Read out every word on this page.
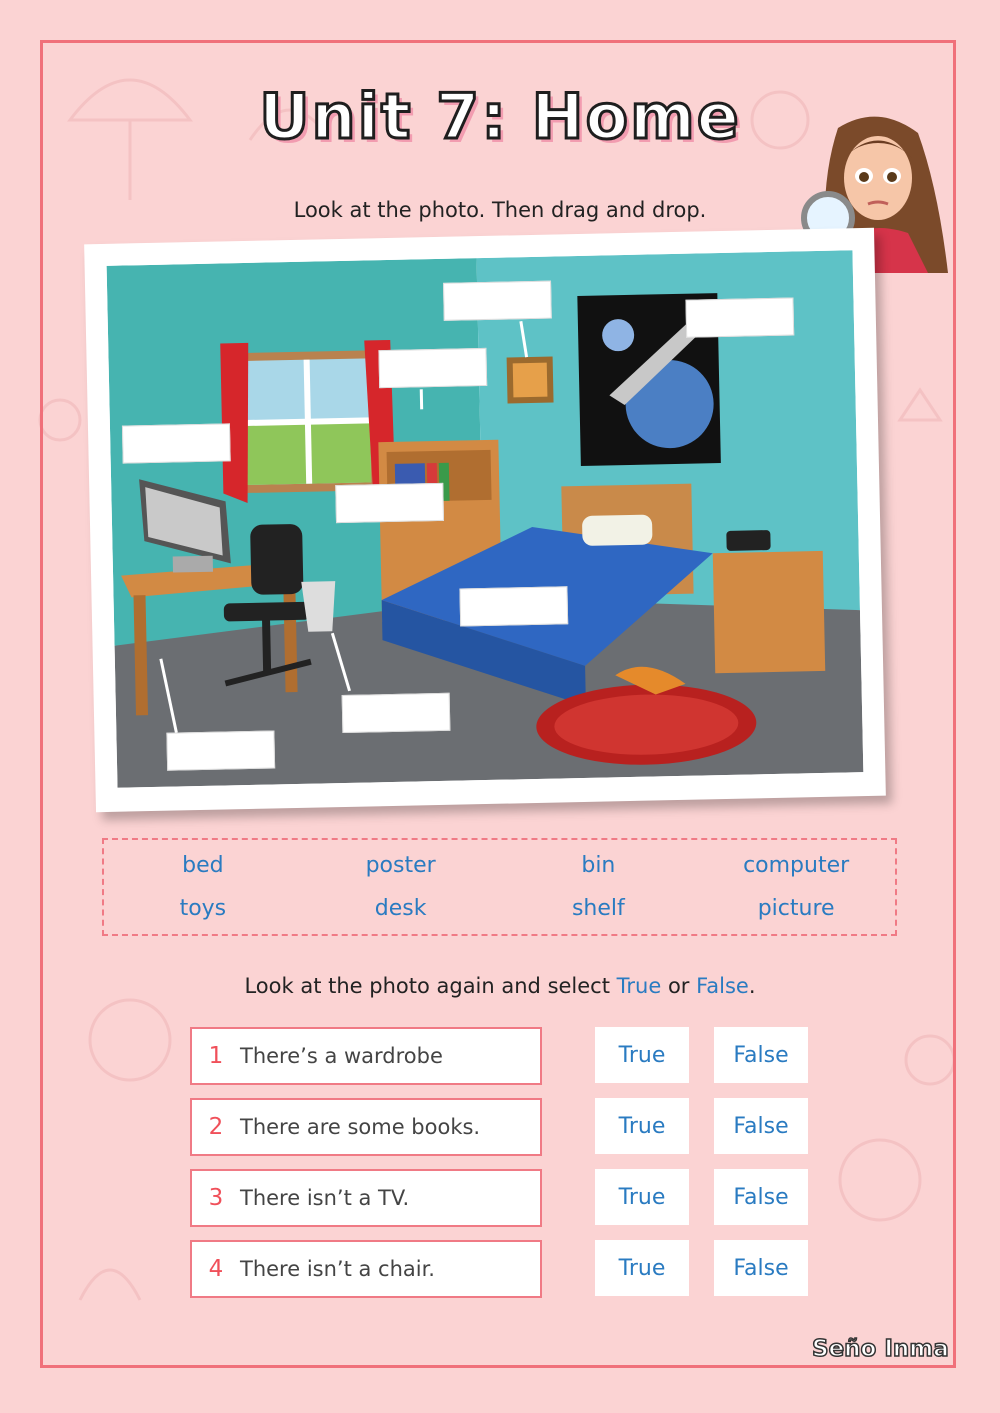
Unit 7: Home
Look at the photo. Then drag and drop.
bed	poster	bin	computer
toys	desk	shelf	picture
Look at the photo again and select True or False.
1 There’s a wardrobe	True	False
2 There are some books.	True	False
3 There isn’t a TV.	True	False
4 There isn’t a chair.	True	False
Seño Inma
